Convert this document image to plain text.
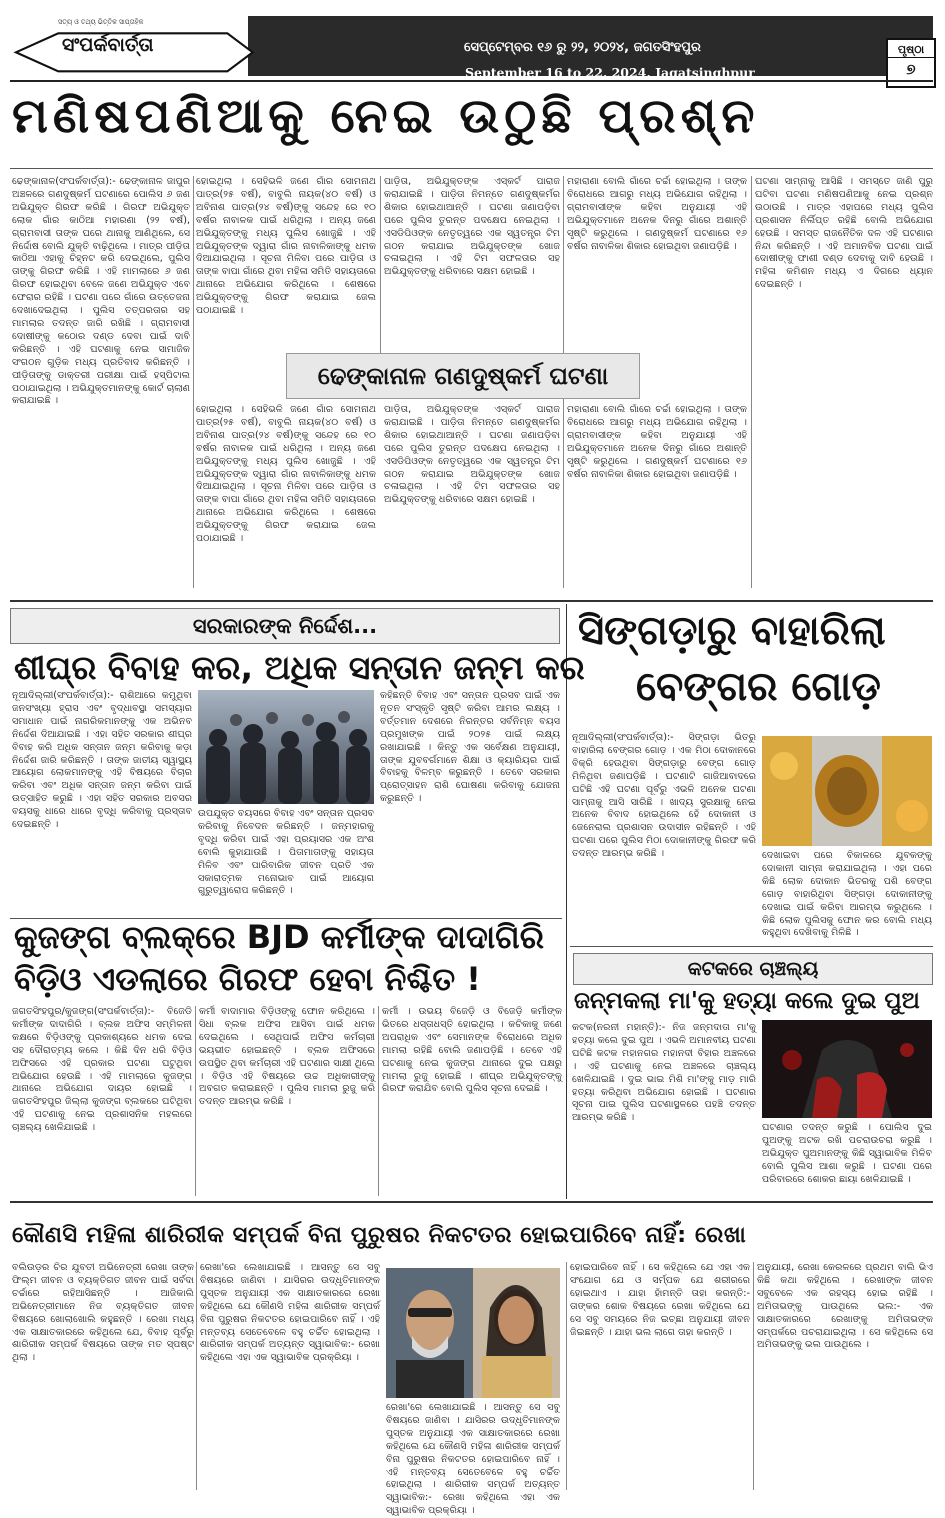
ସତ୍ୟ ଓ ତଥ୍ୟ ଭିତ୍ତିକ ସାପ୍ତାହିକ
ସଂପର୍କବାର୍ତ୍ତା	ସେପ୍ଟେମ୍ବର ୧୬ ରୁ ୨୨, ୨୦୨୪, ଜଗତସିଂହପୁର
September 16 to 22, 2024, Jagatsinghpur
ପୃଷ୍ଠା
୭
ମଣିଷପଣିଆକୁ ନେଇ ଉଠୁଛି ପ୍ରଶ୍ନ

ଢେଙ୍କାନାଳ(ସଂପର୍କବାର୍ତ୍ତା):- ଢେଙ୍କାନାଳ ଜାପୁର ଅଞ୍ଚଳରେ ଗଣଦୁଷ୍କର୍ମ ଘଟଣାରେ ପୋଲିସ ୬ ଜଣ ଅଭିଯୁକ୍ତ ଗିରଫ କରିଛି । ଗିରଫ ଅଭିଯୁକ୍ତ ଲୋକ ଗାଁର କାଠିଆ ମହାରଣା (୨୨ ବର୍ଷ), ଗ୍ରାମବାସୀ ତାଙ୍କ ଘରେ ଥାନାକୁ ଆଣିଥିଲେ, ସେ ନିର୍ଦ୍ଦୋଷ ବୋଲି ଯୁକ୍ତି ବାଢ଼ିଥିଲେ । ମାତ୍ର ପୀଡ଼ିତା କାଠିଆ ଏହାକୁ ଚିହ୍ନଟ କରି ଦେଇଥିଲେ, ପୁଲିସ ତାଙ୍କୁ ଗିରଫ କରିଛି । ଏହି ମାମଲାରେ ୬ ଜଣ ଗିରଫ ହୋଇଥିବା ବେଳେ ଜଣେ ଅଭିଯୁକ୍ତ ଏବେ ଫେରାର ରହିଛି । ଘଟଣା ପରେ ଗାଁରେ ଉତ୍ତେଜନା ଦେଖାଦେଇଥିଲା । ପୁଲିସ ତତ୍ପରତାର ସହ ମାମଲାର ତଦନ୍ତ ଜାରି ରଖିଛି । ଗ୍ରାମବାସୀ ଦୋଷୀଙ୍କୁ କଠୋର ଦଣ୍ଡ ଦେବା ପାଇଁ ଦାବି କରିଛନ୍ତି । ଏହି ଘଟଣାକୁ ନେଇ ସାମାଜିକ ସଂଗଠନ ଗୁଡ଼ିକ ମଧ୍ୟ ପ୍ରତିବାଦ କରିଛନ୍ତି । ପୀଡ଼ିତାଙ୍କୁ ଡାକ୍ତରୀ ପରୀକ୍ଷା ପାଇଁ ହସ୍ପିଟାଲ ପଠାଯାଇଥିଲା । ଅଭିଯୁକ୍ତମାନଙ୍କୁ କୋର୍ଟ ଚାଲାଣ କରାଯାଇଛି ।

ହୋଇଥିଲା । ସେହିଭଳି ଜଣେ ଗାଁର ସୋମନାଥ ପାତ୍ର(୨୫ ବର୍ଷ), ବାବୁଲି ନାୟକ(୪୦ ବର୍ଷ) ଓ ଅବିନାଶ ପାତ୍ର(୨୪ ବର୍ଷ)ଙ୍କୁ ସନ୍ଦେହ ରେ ୧୦ ବର୍ଷର ନାବାଳକ ପାଇଁ ଧରିଥିଲା । ଅନ୍ୟ ଜଣେ ଅଭିଯୁକ୍ତଙ୍କୁ ମଧ୍ୟ ପୁଲିସ ଖୋଜୁଛି । ଏହି ଅଭିଯୁକ୍ତଙ୍କ ଦ୍ୱାରା ଗାଁର ନାବାଳିକାଙ୍କୁ ଧମକ ଦିଆଯାଇଥିଲା । ସୂଚନା ମିଳିବା ପରେ ପାଡ଼ିତା ଓ ତାଙ୍କ ବାପା ଗାଁରେ ଥିବା ମହିଳା ସମିତି ସହାୟତାରେ ଥାନାରେ ଅଭିଯୋଗ କରିଥିଲେ । ଶେଷରେ ଅଭିଯୁକ୍ତଙ୍କୁ ଗିରଫ କରାଯାଇ ଜେଲ ପଠାଯାଇଛି ।

ପାଡ଼ିତା, ଅଭିଯୁକ୍ତଙ୍କ ଏସ୍କର୍ଟ ପାରାଜ କରାଯାଇଛି । ପାଡ଼ିତା ନିମନ୍ତେ ଗଣଦୁଷ୍କର୍ମର ଶିକାର ହୋଇଥାଆନ୍ତି । ଘଟଣା ଜଣାପଡ଼ିବା ପରେ ପୁଲିସ ତୁରନ୍ତ ପଦକ୍ଷେପ ନେଇଥିଲା । ଏସଡିପିଓଙ୍କ ନେତୃତ୍ୱରେ ଏକ ସ୍ୱତନ୍ତ୍ର ଟିମ ଗଠନ କରାଯାଇ ଅଭିଯୁକ୍ତଙ୍କ ଖୋଜ ଚଳାଇଥିଲା । ଏହି ଟିମ ସଫଳତାର ସହ ଅଭିଯୁକ୍ତଙ୍କୁ ଧରିବାରେ ସକ୍ଷମ ହୋଇଛି ।

ମହାରାଣା ବୋଲି ଗାଁରେ ଚର୍ଚ୍ଚା ହୋଇଥିଲା । ତାଙ୍କ ବିରୋଧରେ ଆଗରୁ ମଧ୍ୟ ଅଭିଯୋଗ ରହିଥିଲା । ଗ୍ରାମବାସୀଙ୍କ କହିବା ଅନୁଯାୟୀ ଏହି ଅଭିଯୁକ୍ତମାନେ ଅନେକ ଦିନରୁ ଗାଁରେ ଅଶାନ୍ତି ସୃଷ୍ଟି କରୁଥିଲେ । ଗଣଦୁଷ୍କର୍ମ ଘଟଣାରେ ୧୬ ବର୍ଷର ନାବାଳିକା ଶିକାର ହୋଇଥିବା ଜଣାପଡ଼ିଛି ।

ଘଟଣା ସାମ୍ନାକୁ ଆସିଛି । ସମସ୍ତେ ଜାଣି ପୁରୁ ଘଟିବା ଘଟଣା ମଣିଷପଣିଆକୁ ନେଇ ପ୍ରଶ୍ନ ଉଠାଉଛି । ମାତ୍ର ଏହାପରେ ମଧ୍ୟ ପୁଲିସ ପ୍ରଶାସନ ନିର୍ଲିପ୍ତ ରହିଛି ବୋଲି ଅଭିଯୋଗ ହେଉଛି । ସମସ୍ତ ରାଜନୈତିକ ଦଳ ଏହି ଘଟଣାର ନିନ୍ଦା କରିଛନ୍ତି । ଏହି ଅମାନବିକ ଘଟଣା ପାଇଁ ଦୋଷୀଙ୍କୁ ଫାଶୀ ଦଣ୍ଡ ଦେବାକୁ ଦାବି ହେଉଛି । ମହିଳା କମିଶନ ମଧ୍ୟ ଏ ଦିଗରେ ଧ୍ୟାନ ଦେଇଛନ୍ତି ।

ଢେଙ୍କାନାଳ ଗଣଦୁଷ୍କର୍ମ ଘଟଣା

ହୋଇଥିଲା । ସେହିଭଳି ଜଣେ ଗାଁର ସୋମନାଥ ପାତ୍ର(୨୫ ବର୍ଷ), ବାବୁଲି ନାୟକ(୪୦ ବର୍ଷ) ଓ ଅବିନାଶ ପାତ୍ର(୨୪ ବର୍ଷ)ଙ୍କୁ ସନ୍ଦେହ ରେ ୧୦ ବର୍ଷର ନାବାଳକ ପାଇଁ ଧରିଥିଲା । ଅନ୍ୟ ଜଣେ ଅଭିଯୁକ୍ତଙ୍କୁ ମଧ୍ୟ ପୁଲିସ ଖୋଜୁଛି । ଏହି ଅଭିଯୁକ୍ତଙ୍କ ଦ୍ୱାରା ଗାଁର ନାବାଳିକାଙ୍କୁ ଧମକ ଦିଆଯାଇଥିଲା । ସୂଚନା ମିଳିବା ପରେ ପାଡ଼ିତା ଓ ତାଙ୍କ ବାପା ଗାଁରେ ଥିବା ମହିଳା ସମିତି ସହାୟତାରେ ଥାନାରେ ଅଭିଯୋଗ କରିଥିଲେ । ଶେଷରେ ଅଭିଯୁକ୍ତଙ୍କୁ ଗିରଫ କରାଯାଇ ଜେଲ ପଠାଯାଇଛି ।

ପାଡ଼ିତା, ଅଭିଯୁକ୍ତଙ୍କ ଏସ୍କର୍ଟ ପାରାଜ କରାଯାଇଛି । ପାଡ଼ିତା ନିମନ୍ତେ ଗଣଦୁଷ୍କର୍ମର ଶିକାର ହୋଇଥାଆନ୍ତି । ଘଟଣା ଜଣାପଡ଼ିବା ପରେ ପୁଲିସ ତୁରନ୍ତ ପଦକ୍ଷେପ ନେଇଥିଲା । ଏସଡିପିଓଙ୍କ ନେତୃତ୍ୱରେ ଏକ ସ୍ୱତନ୍ତ୍ର ଟିମ ଗଠନ କରାଯାଇ ଅଭିଯୁକ୍ତଙ୍କ ଖୋଜ ଚଳାଇଥିଲା । ଏହି ଟିମ ସଫଳତାର ସହ ଅଭିଯୁକ୍ତଙ୍କୁ ଧରିବାରେ ସକ୍ଷମ ହୋଇଛି ।

ମହାରାଣା ବୋଲି ଗାଁରେ ଚର୍ଚ୍ଚା ହୋଇଥିଲା । ତାଙ୍କ ବିରୋଧରେ ଆଗରୁ ମଧ୍ୟ ଅଭିଯୋଗ ରହିଥିଲା । ଗ୍ରାମବାସୀଙ୍କ କହିବା ଅନୁଯାୟୀ ଏହି ଅଭିଯୁକ୍ତମାନେ ଅନେକ ଦିନରୁ ଗାଁରେ ଅଶାନ୍ତି ସୃଷ୍ଟି କରୁଥିଲେ । ଗଣଦୁଷ୍କର୍ମ ଘଟଣାରେ ୧୬ ବର୍ଷର ନାବାଳିକା ଶିକାର ହୋଇଥିବା ଜଣାପଡ଼ିଛି ।

ସରକାରଙ୍କ ନିର୍ଦ୍ଦେଶ...
ଶୀଘ୍ର ବିବାହ କର, ଅଧିକ ସନ୍ତାନ ଜନ୍ମ କର

ନୂଆଦିଲ୍ଲୀ(ସଂପର୍କବାର୍ତ୍ତା):- ରାଶିଆରେ କମୁଥିବା ଜନସଂଖ୍ୟା ହ୍ରାସ ଏବଂ ବୃଦ୍ଧାବସ୍ଥା ସମସ୍ୟାର ସମାଧାନ ପାଇଁ ନାଗରିକମାନଙ୍କୁ ଏକ ଅଭିନବ ନିର୍ଦ୍ଦେଶ ଦିଆଯାଇଛି । ଏହା ସହିତ ସରକାର ଶୀଘ୍ର ବିବାହ କରି ଅଧିକ ସନ୍ତାନ ଜନ୍ମ କରିବାକୁ କଡ଼ା ନିର୍ଦ୍ଦେଶ ଜାରି କରିଛନ୍ତି । ତାଙ୍କ ଜାତୀୟ ସ୍ୱାସ୍ଥ୍ୟ ଆୟୋଗ ଲୋକମାନଙ୍କୁ ଏହି ବିଷୟରେ ବିଚାର କରିବା ଏବଂ ଅଧିକ ସନ୍ତାନ ଜନ୍ମ କରିବା ପାଇଁ ଉତ୍ସାହିତ କରୁଛି । ଏହା ସହିତ ସରକାର ଅବସର ବୟସକୁ ଧାରେ ଧାରେ ବୃଦ୍ଧି କରିବାକୁ ପ୍ରସ୍ତାବ ଦେଇଛନ୍ତି ।

ଉପଯୁକ୍ତ ବୟସରେ ବିବାହ ଏବଂ ସନ୍ତାନ ପ୍ରସବ କରିବାକୁ ନିବେଦନ କରିଛନ୍ତି । ଜନ୍ମହାରକୁ ବୃଦ୍ଧି କରିବା ପାଇଁ ଏହା ପ୍ରୟାସର ଏକ ଅଂଶ ବୋଲି କୁହାଯାଉଛି । ପିତାମାତାଙ୍କୁ ସହାୟତା ମିଳିବ ଏବଂ ପାରିବାରିକ ଜୀବନ ପ୍ରତି ଏକ ସକାରାତ୍ମକ ମନୋଭାବ ପାଇଁ ଆୟୋଗ ଗୁରୁତ୍ୱାରୋପ କରିଛନ୍ତି ।

କହିଛନ୍ତି ବିବାହ ଏବଂ ସନ୍ତାନ ପ୍ରସବ ପାଇଁ ଏକ ନୂତନ ସଂସ୍କୃତି ସୃଷ୍ଟି କରିବା ଆମର ଲକ୍ଷ୍ୟ । ବର୍ତ୍ତମାନ ଦେଶରେ ନିରନ୍ତର ସର୍ବନିମ୍ନ ବୟସ ପ୍ରମୁଖଙ୍କ ପାଇଁ ୨୦୨୫ ପାଇଁ ଲକ୍ଷ୍ୟ ରଖାଯାଇଛି । କିନ୍ତୁ ଏକ ସର୍ବେକ୍ଷଣ ଅନୁଯାୟୀ, ତାଙ୍କ ଯୁବବର୍ଗମାନେ ଶିକ୍ଷା ଓ କ୍ୟାରିୟର ପାଇଁ ବିବାହକୁ ବିଳମ୍ବ କରୁଛନ୍ତି । ତେବେ ସରକାର ପ୍ରୋତ୍ସାହନ ରାଶି ଘୋଷଣା କରିବାକୁ ଯୋଜନା କରୁଛନ୍ତି ।

ସିଙ୍ଗଡ଼ାରୁ ବାହାରିଲା
ବେଙ୍ଗର ଗୋଡ଼

ନୂଆଦିଲ୍ଲୀ(ସଂପର୍କବାର୍ତ୍ତା):- ସିଙ୍ଗଡ଼ା ଭିତରୁ ବାହାରିଲା ବେଙ୍ଗର ଗୋଡ଼ । ଏକ ମିଠା ଦୋକାନରେ ବିକ୍ରି ହେଉଥିବା ସିଙ୍ଗଡ଼ାରୁ ବେଙ୍ଗ ଗୋଡ଼ ମିଳିଥିବା ଜଣାପଡ଼ିଛି । ଘଟଣାଟି ଗାଜିଆବାଦରେ ଘଟିଛି ଏହି ଘଟଣା ପୂର୍ବରୁ ଏଭଳି ଅନେକ ଘଟଣା ସାମ୍ନାକୁ ଆସି ସାରିଛି । ଖାଦ୍ୟ ସୁରକ୍ଷାକୁ ନେଇ ଅନେକ ବିବାଦ ହୋଇଥିଲେ ହେଁ ଦୋକାନୀ ଓ ଜେନେରାଲ ପ୍ରଶାସନ ଉଦାସୀନ ରହିଛନ୍ତି । ଏହି ଘଟଣା ପରେ ପୁଲିସ ମିଠା ଦୋକାନୀଙ୍କୁ ଗିରଫ କରି ତଦନ୍ତ ଆରମ୍ଭ କରିଛି ।	ଦେଖାଇବା ପରେ ବିକାଳରେ ଯୁବକଙ୍କୁ ଦୋକାନୀ ସାମ୍ନା କରାଯାଇଥିଲା । ଏହା ପରେ କିଛି ଲୋକ ଦୋକାନ ଭିତରକୁ ପଶି ବେଙ୍ଗ ଗୋଡ଼ ବାହାରିଥିବା ସିଙ୍ଗଡ଼ା ଦୋକାନୀଙ୍କୁ ଦେଖାଇ ପାଇଁ କରିବା ଆରମ୍ଭ କରୁଥିଲେ । କିଛି ଲୋକ ପୁଲିସକୁ ଫୋନ କର ବୋଲି ମଧ୍ୟ କହୁଥିବା ଦେଖିବାକୁ ମିଳିଛି ।

କୁଜଙ୍ଗ ବ୍ଲକ୍‌ରେ BJD କର୍ମୀଙ୍କ ଦାଦାଗିରି
ବିଡ଼ିଓ ଏଡଲାରେ ଗିରଫ ହେବା ନିଶ୍ଚିତ !

ଜଗତସିଂହପୁର/କୁଜଙ୍ଗ(ସଂପର୍କବାର୍ତ୍ତା):- ବିଜେଡି କର୍ମୀଙ୍କ ଦାଦାଗିରି । ବ୍ଲକ ଅଫିସ ସମ୍ମିଳନୀ କକ୍ଷରେ ବିଡ଼ିଓଙ୍କୁ ପ୍ରକାଶ୍ୟରେ ଧମକ ଦେଇ ସହ ଦୌରାତ୍ମ୍ୟ କଲେ । କିଛି ଦିନ ଧରି ବିଡ଼ିଓ ଅଫିସରେ ଏହି ପ୍ରକାର ଘଟଣା ଘଟୁଥିବା ଅଭିଯୋଗ ହେଉଛି । ଏହି ମାମଲାରେ କୁଜଙ୍ଗ ଥାନାରେ ଅଭିଯୋଗ ଦାୟର ହୋଇଛି । ଜଗତସିଂହପୁର ଜିଲ୍ଲା କୁଜଙ୍ଗ ବ୍ଲକରେ ଘଟିଥିବା ଏହି ଘଟଣାକୁ ନେଇ ପ୍ରଶାସନିକ ମହଲରେ ଚାଞ୍ଚଲ୍ୟ ଖେଳିଯାଇଛି ।

କର୍ମୀ ବାଦାମାର ବିଡ଼ିଓଙ୍କୁ ଫୋନ କରିଥିଲେ । ସିଧା ବ୍ଲକ ଅଫିସ ଆସିବା ପାଇଁ ଧମକ ଦେଇଥିଲେ । ସେଥିପାଇଁ ଅଫିସ କର୍ମଚାରୀ ଭୟଭୀତ ହୋଇଛନ୍ତି । ବ୍ଲକ ଅଫିସରେ ଉପସ୍ଥିତ ଥିବା କର୍ମଚାରୀ ଏହି ଘଟଣାର ସାକ୍ଷୀ ଥିଲେ । ବିଡ଼ିଓ ଏହି ବିଷୟରେ ଉଚ୍ଚ ଅଧିକାରୀଙ୍କୁ ଅବଗତ କରାଇଛନ୍ତି । ପୁଲିସ ମାମଲା ରୁଜୁ କରି ତଦନ୍ତ ଆରମ୍ଭ କରିଛି ।

କର୍ମୀ । ଉଭୟ ବିଜେଡ଼ି ଓ ବିଜେଡ଼ି କର୍ମୀଙ୍କ ଭିତରେ ଧସ୍ତାଧସ୍ତି ହୋଇଥିଲା । କଚିକାକୁ ଜଣେ ଅପରାଧିକ ଏବଂ ସେମାନଙ୍କ ବିରୋଧରେ ଅଧିକ ମାମଲା ରହିଛି ବୋଲି ଜଣାପଡ଼ିଛି । ତେବେ ଏହି ଘଟଣାକୁ ନେଇ କୁଜଙ୍ଗ ଥାନାରେ ଦୁଇ ପକ୍ଷରୁ ମାମଲା ରୁଜୁ ହୋଇଛି । ଶୀଘ୍ର ଅଭିଯୁକ୍ତଙ୍କୁ ଗିରଫ କରାଯିବ ବୋଲି ପୁଲିସ ସୂଚନା ଦେଇଛି ।

କଟକରେ ଚାଞ୍ଚଲ୍ୟ
ଜନ୍ମକଲା ମା'କୁ ହତ୍ୟା କଲେ ଦୁଇ ପୁଅ

କଟକ(ନରନୀ ମହାନ୍ତି):- ନିଜ ଜନ୍ମଦାତା ମା'କୁ ହତ୍ୟା କଲେ ଦୁଇ ପୁଅ । ଏଭଳି ଅମାନବୀୟ ଘଟଣା ଘଟିଛି କଟକ ମହାନଗର ମହାନଦୀ ବିହାର ଅଞ୍ଚଳରେ । ଏହି ଘଟଣାକୁ ନେଇ ଅଞ୍ଚଳରେ ଚାଞ୍ଚଲ୍ୟ ଖେଳିଯାଇଛି । ଦୁଇ ଭାଇ ମିଶି ମା'ଙ୍କୁ ମାଡ଼ ମାରି ହତ୍ୟା କରିଥିବା ଅଭିଯୋଗ ହୋଇଛି । ଘଟଣାର ସୂଚନା ପାଇ ପୁଲିସ ଘଟଣାସ୍ଥଳରେ ପହଞ୍ଚି ତଦନ୍ତ ଆରମ୍ଭ କରିଛି ।

ଘଟଣାର ତଦନ୍ତ କରୁଛି । ପୋଲିସ ଦୁଇ ପୁଅଙ୍କୁ ଅଟକ ରଖି ପଚରାଉଚରା କରୁଛି । ଅଭିଯୁକ୍ତ ପୁଅମାନଙ୍କୁ କିଛି ସ୍ୱାଭାବିକ ମିଳିବ ବୋଲି ପୁଲିସ ଆଶା କରୁଛି । ଘଟଣା ପରେ ପରିବାରରେ ଶୋକର ଛାୟା ଖେଳିଯାଇଛି ।

କୌଣସି ମହିଳା ଶାରିରୀକ ସମ୍ପର୍କ ବିନା ପୁରୁଷର ନିକଟତର ହୋଇପାରିବେ ନାହିଁ: ରେଖା

ବଲିଉଡ଼ର ଚିର ଯୁବତୀ ଅଭିନେତ୍ରୀ ରେଖା ତାଙ୍କ ଫିଲ୍ମ ଜୀବନ ଓ ବ୍ୟକ୍ତିଗତ ଜୀବନ ପାଇଁ ସର୍ବଦା ଚର୍ଚ୍ଚାରେ ରହିଆସିଛନ୍ତି । ଆଜିକାଲି ଅଭିନେତ୍ରୀମାନେ ନିଜ ବ୍ୟକ୍ତିଗତ ଜୀବନ ବିଷୟରେ ଖୋଲାଖୋଲି କହୁଛନ୍ତି । ରେଖା ମଧ୍ୟ ଏକ ସାକ୍ଷାତକାରରେ କହିଥିଲେ ଯେ, ବିବାହ ପୂର୍ବରୁ ଶାରିରୀକ ସମ୍ପର୍କ ବିଷୟରେ ତାଙ୍କ ମତ ସ୍ପଷ୍ଟ ଥିଲା ।

ରେଖା'ରେ ଲେଖାଯାଇଛି । ଆସନ୍ତୁ ସେ ସବୁ ବିଷୟରେ ଜାଣିବା । ଯାସିରର ଉଦ୍ଧୃତିମାନଙ୍କ ପୁସ୍ତକ ଅନୁଯାୟୀ ଏକ ସାକ୍ଷାତକାରରେ ରେଖା କହିଥିଲେ ଯେ କୌଣସି ମହିଳା ଶାରିରୀକ ସମ୍ପର୍କ ବିନା ପୁରୁଷର ନିକଟତର ହୋଇପାରିବେ ନାହିଁ । ଏହି ମନ୍ତବ୍ୟ ସେତେବେଳେ ବହୁ ଚର୍ଚ୍ଚିତ ହୋଇଥିଲା । ଶାରିରୀକ ସମ୍ପର୍କ ଅତ୍ୟନ୍ତ ସ୍ୱାଭାବିକ:- ରେଖା କହିଥିଲେ ଏହା ଏକ ସ୍ୱାଭାବିକ ପ୍ରକ୍ରିୟା ।

ରେଖା'ରେ ଲେଖାଯାଇଛି । ଆସନ୍ତୁ ସେ ସବୁ ବିଷୟରେ ଜାଣିବା । ଯାସିରର ଉଦ୍ଧୃତିମାନଙ୍କ ପୁସ୍ତକ ଅନୁଯାୟୀ ଏକ ସାକ୍ଷାତକାରରେ ରେଖା କହିଥିଲେ ଯେ କୌଣସି ମହିଳା ଶାରିରୀକ ସମ୍ପର୍କ ବିନା ପୁରୁଷର ନିକଟତର ହୋଇପାରିବେ ନାହିଁ । ଏହି ମନ୍ତବ୍ୟ ସେତେବେଳେ ବହୁ ଚର୍ଚ୍ଚିତ ହୋଇଥିଲା । ଶାରିରୀକ ସମ୍ପର୍କ ଅତ୍ୟନ୍ତ ସ୍ୱାଭାବିକ:- ରେଖା କହିଥିଲେ ଏହା ଏକ ସ୍ୱାଭାବିକ ପ୍ରକ୍ରିୟା ।

ହୋଇପାରିବେ ନାହିଁ । ସେ କହିଥିଲେ ଯେ ଏହା ଏକ ସଂଯୋଗ ଯେ ଓ ସର୍ମ୍ପକ ଯେ ଶରୀରରେ ହୋଇଥାଏ । ଯାହା ହାଁମନ୍ତି ତାହା କରନ୍ତି:- ତାଙ୍କର ଶୋକ ବିଷୟରେ ରେଖା କହିଥିଲେ ଯେ ସେ ସବୁ ସମୟରେ ନିଜ ଇଚ୍ଛା ଅନୁଯାୟୀ ଜୀବନ ଜିଇଛନ୍ତି । ଯାହା ଭଲ ଲାଗେ ତାହା କରନ୍ତି ।

ଅନୁଯାୟୀ, ରେଖା କେରଳରେ ପ୍ରଥମ ବାଲି ଭିଏ କିଛି କଥା କହିଥିଲେ । ରେଖାଙ୍କ ଜୀବନ ସବୁବେଳେ ଏକ ରହସ୍ୟ ହୋଇ ରହିଛି । ଅମିତାଭଙ୍କୁ ପାଉଥିଲେ ଭଲ:- ଏକ ସାକ୍ଷାତକାରରେ ରେଖାଙ୍କୁ ଅମିତାଭଙ୍କ ସମ୍ପର୍କରେ ପଚରାଯାଇଥିଲା । ସେ କହିଥିଲେ ସେ ଅମିତାଭଙ୍କୁ ଭଲ ପାଉଥିଲେ ।
